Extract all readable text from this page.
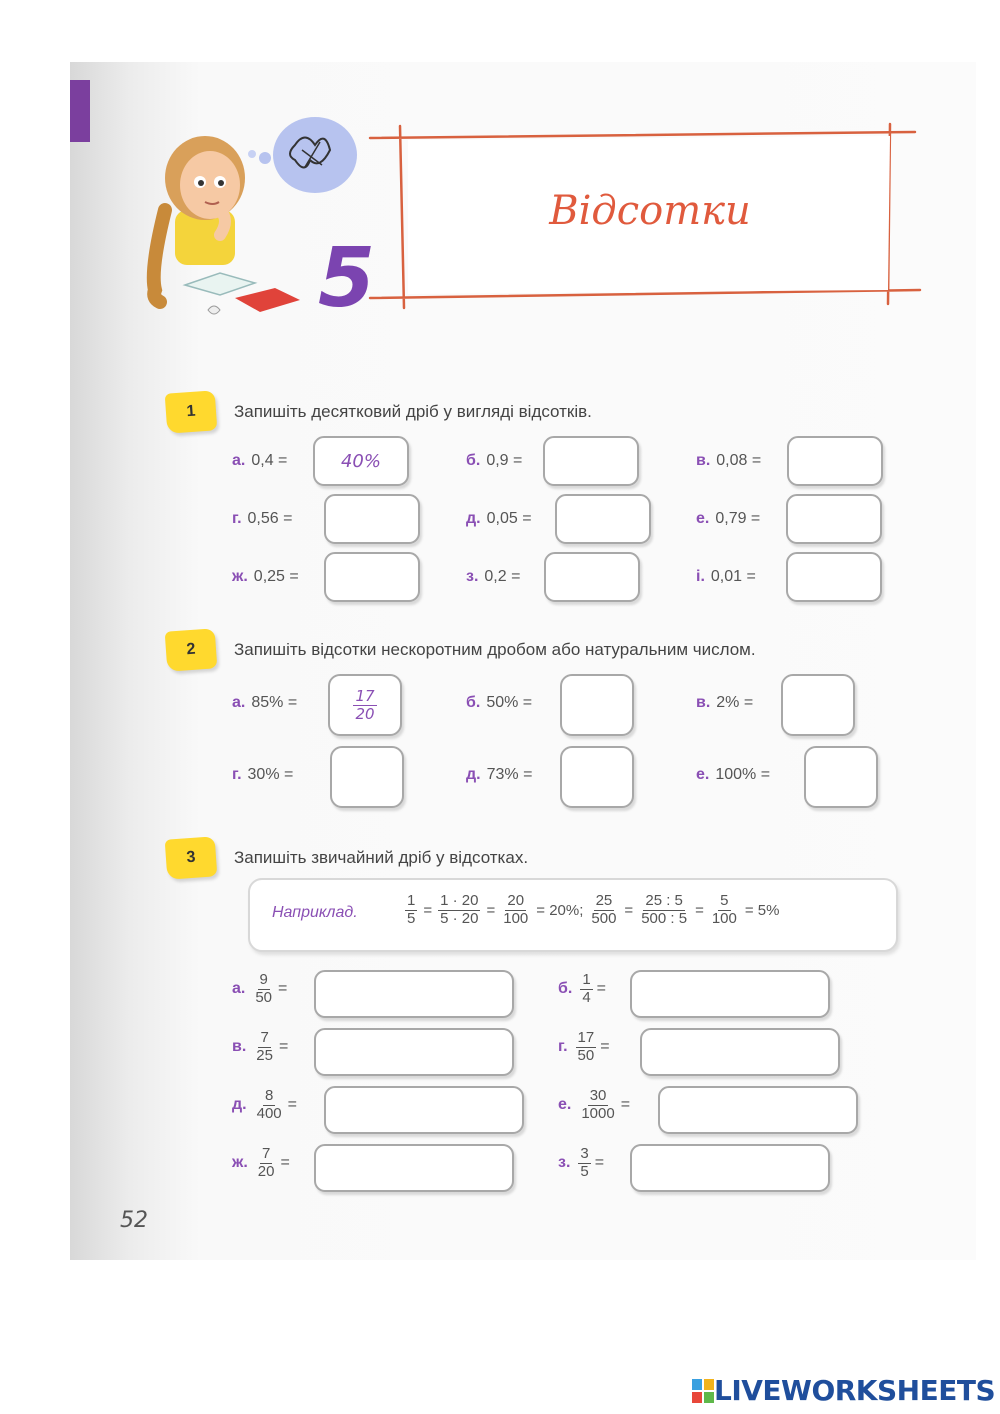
5
Відсотки
1	Запишіть десятковий дріб у вигляді відсотків.
а. 0,4 =	40%	б. 0,9 =	в. 0,08 =
г. 0,56 =	д. 0,05 =	е. 0,79 =
ж. 0,25 =	з. 0,2 =	і. 0,01 =
2	Запишіть відсотки нескоротним дробом або натуральним числом.
а. 85% =	$\frac{17}{20}$	б. 50% =	в. 2% =
г. 30% =	д. 73% =	е. 100% =
3	Запишіть звичайний дріб у відсотках.
Наприклад.	$\frac{1}{5} = \frac{1 \cdot 20}{5 \cdot 20} = \frac{20}{100} = 20\%$; $\frac{25}{500} = \frac{25 : 5}{500 : 5} = \frac{5}{100} = 5\%$
а. $\frac{9}{50}$ =	б. $\frac{1}{4}$ =
в. $\frac{7}{25}$ =	г. $\frac{17}{50}$ =
д. $\frac{8}{400}$ =	е. $\frac{30}{1000}$ =
ж. $\frac{7}{20}$ =	з. $\frac{3}{5}$ =
52
LIVEWORKSHEETS
